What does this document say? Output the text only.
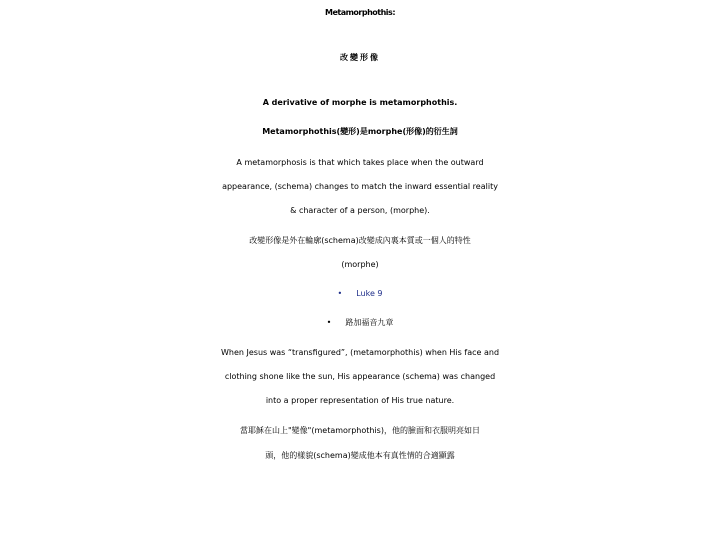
Metamorphothis:
改變形像
A derivative of morphe is metamorphothis.
Metamorphothis(變形)是morphe(形像)的衍生詞
A metamorphosis is that which takes place when the outward
appearance, (schema) changes to match the inward essential reality
& character of a person, (morphe).
改變形像是外在輪廓(schema)改變成內裏本質或一個人的特性
(morphe)
• Luke 9
• 路加福音九章
When Jesus was “transfigured”, (metamorphothis) when His face and
clothing shone like the sun, His appearance (schema) was changed
into a proper representation of His true nature.
當耶穌在山上"變像"(metamorphothis)，他的臉面和衣服明亮如日
頭，他的樣貌(schema)變成他本有真性情的合適顯露
